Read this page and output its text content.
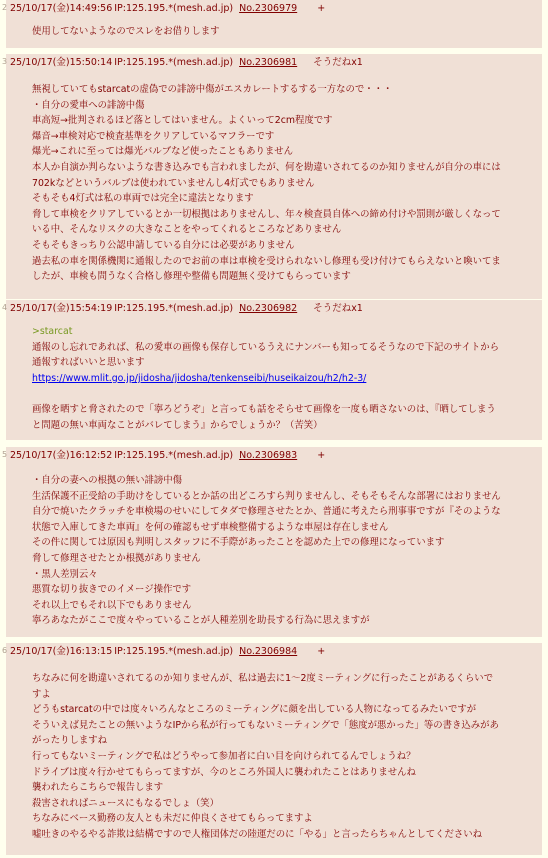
2 25/10/17(金)14:49:56 IP:125.195.*(mesh.ad.jp) No.2306979 +
使用してないようなのでスレをお借りします
3 25/10/17(金)15:50:14 IP:125.195.*(mesh.ad.jp) No.2306981 そうだねx1
無視していてもstarcatの虚偽での誹謗中傷がエスカレートするする一方なので・・・
・自分の愛車への誹謗中傷
車高短→批判されるほど落としてはいません。よくいって2cm程度です
爆音→車検対応で検査基準をクリアしているマフラーです
爆光→これに至っては爆光バルブなど使ったこともありません
本人か自演か判らないような書き込みでも言われましたが、何を勘違いされてるのか知りませんが自分の車には
702kなどというバルブは使われていませんし4灯式でもありません
そもそも4灯式は私の車両では完全に違法となります
脅して車検をクリアしているとか一切根拠はありませんし、年々検査員自体への締め付けや罰則が厳しくなって
いる中、そんなリスクの大きなことをやってくれるところなどありません
そもそもきっちり公認申請している自分には必要がありません
過去私の車を関係機関に通報したのでお前の車は車検を受けられないし修理も受け付けてもらえないと喚いてま
したが、車検も問うなく合格し修理や整備も問題無く受けてもらっています
4 25/10/17(金)15:54:19 IP:125.195.*(mesh.ad.jp) No.2306982 そうだねx1
>starcat
通報のし忘れであれば、私の愛車の画像も保存しているうえにナンバーも知ってるそうなので下記のサイトから
通報すればいいと思います
https://www.mlit.go.jp/jidosha/jidosha/tenkenseibi/huseikaizou/h2/h2-3/
画像を晒すと脅されたので「寧ろどうぞ」と言っても話をそらせて画像を一度も晒さないのは、『晒してしまう
と問題の無い車両なことがバレてしまう』からでしょうか？（苦笑）
5 25/10/17(金)16:12:52 IP:125.195.*(mesh.ad.jp) No.2306983 +
・自分の妻への根拠の無い誹謗中傷
生活保護不正受給の手助けをしているとか話の出どころすら判りませんし、そもそもそんな部署にはおりません
自分で焼いたクラッチを車検場のせいにしてタダで修理させたとか、普通に考えたら刑事事ですが『そのような
状態で入庫してきた車両』を何の確認もせず車検整備するような車屋は存在しません
その件に関しては原因も判明しスタッフに不手際があったことを認めた上での修理になっています
脅して修理させたとか根拠がありません
・黒人差別云々
悪質な切り抜きでのイメージ操作です
それ以上でもそれ以下でもありません
寧ろあなたがここで度々やっていることが人種差別を助長する行為に思えますが
6 25/10/17(金)16:13:15 IP:125.195.*(mesh.ad.jp) No.2306984 +
ちなみに何を勘違いされてるのか知りませんが、私は過去に1〜2度ミーティングに行ったことがあるくらいで
すよ
どうもstarcatの中では度々いろんなところのミーティングに顔を出している人物になってるみたいですが
そういえば見たことの無いようなIPから私が行ってもないミーティングで「態度が悪かった」等の書き込みがあ
がったりしますね
行ってもないミーティングで私はどうやって参加者に白い目を向けられてるんでしょうね？
ドライブは度々行かせてもらってますが、今のところ外国人に襲われたことはありませんね
襲われたらこちらで報告します
殺害されればニュースにもなるでしょ（笑）
ちなみにベース勤務の友人とも未だに仲良くさせてもらってますよ
嘘吐きのやるやる詐欺は結構ですので人権団体だの陸運だのに「やる」と言ったらちゃんとしてくださいね
